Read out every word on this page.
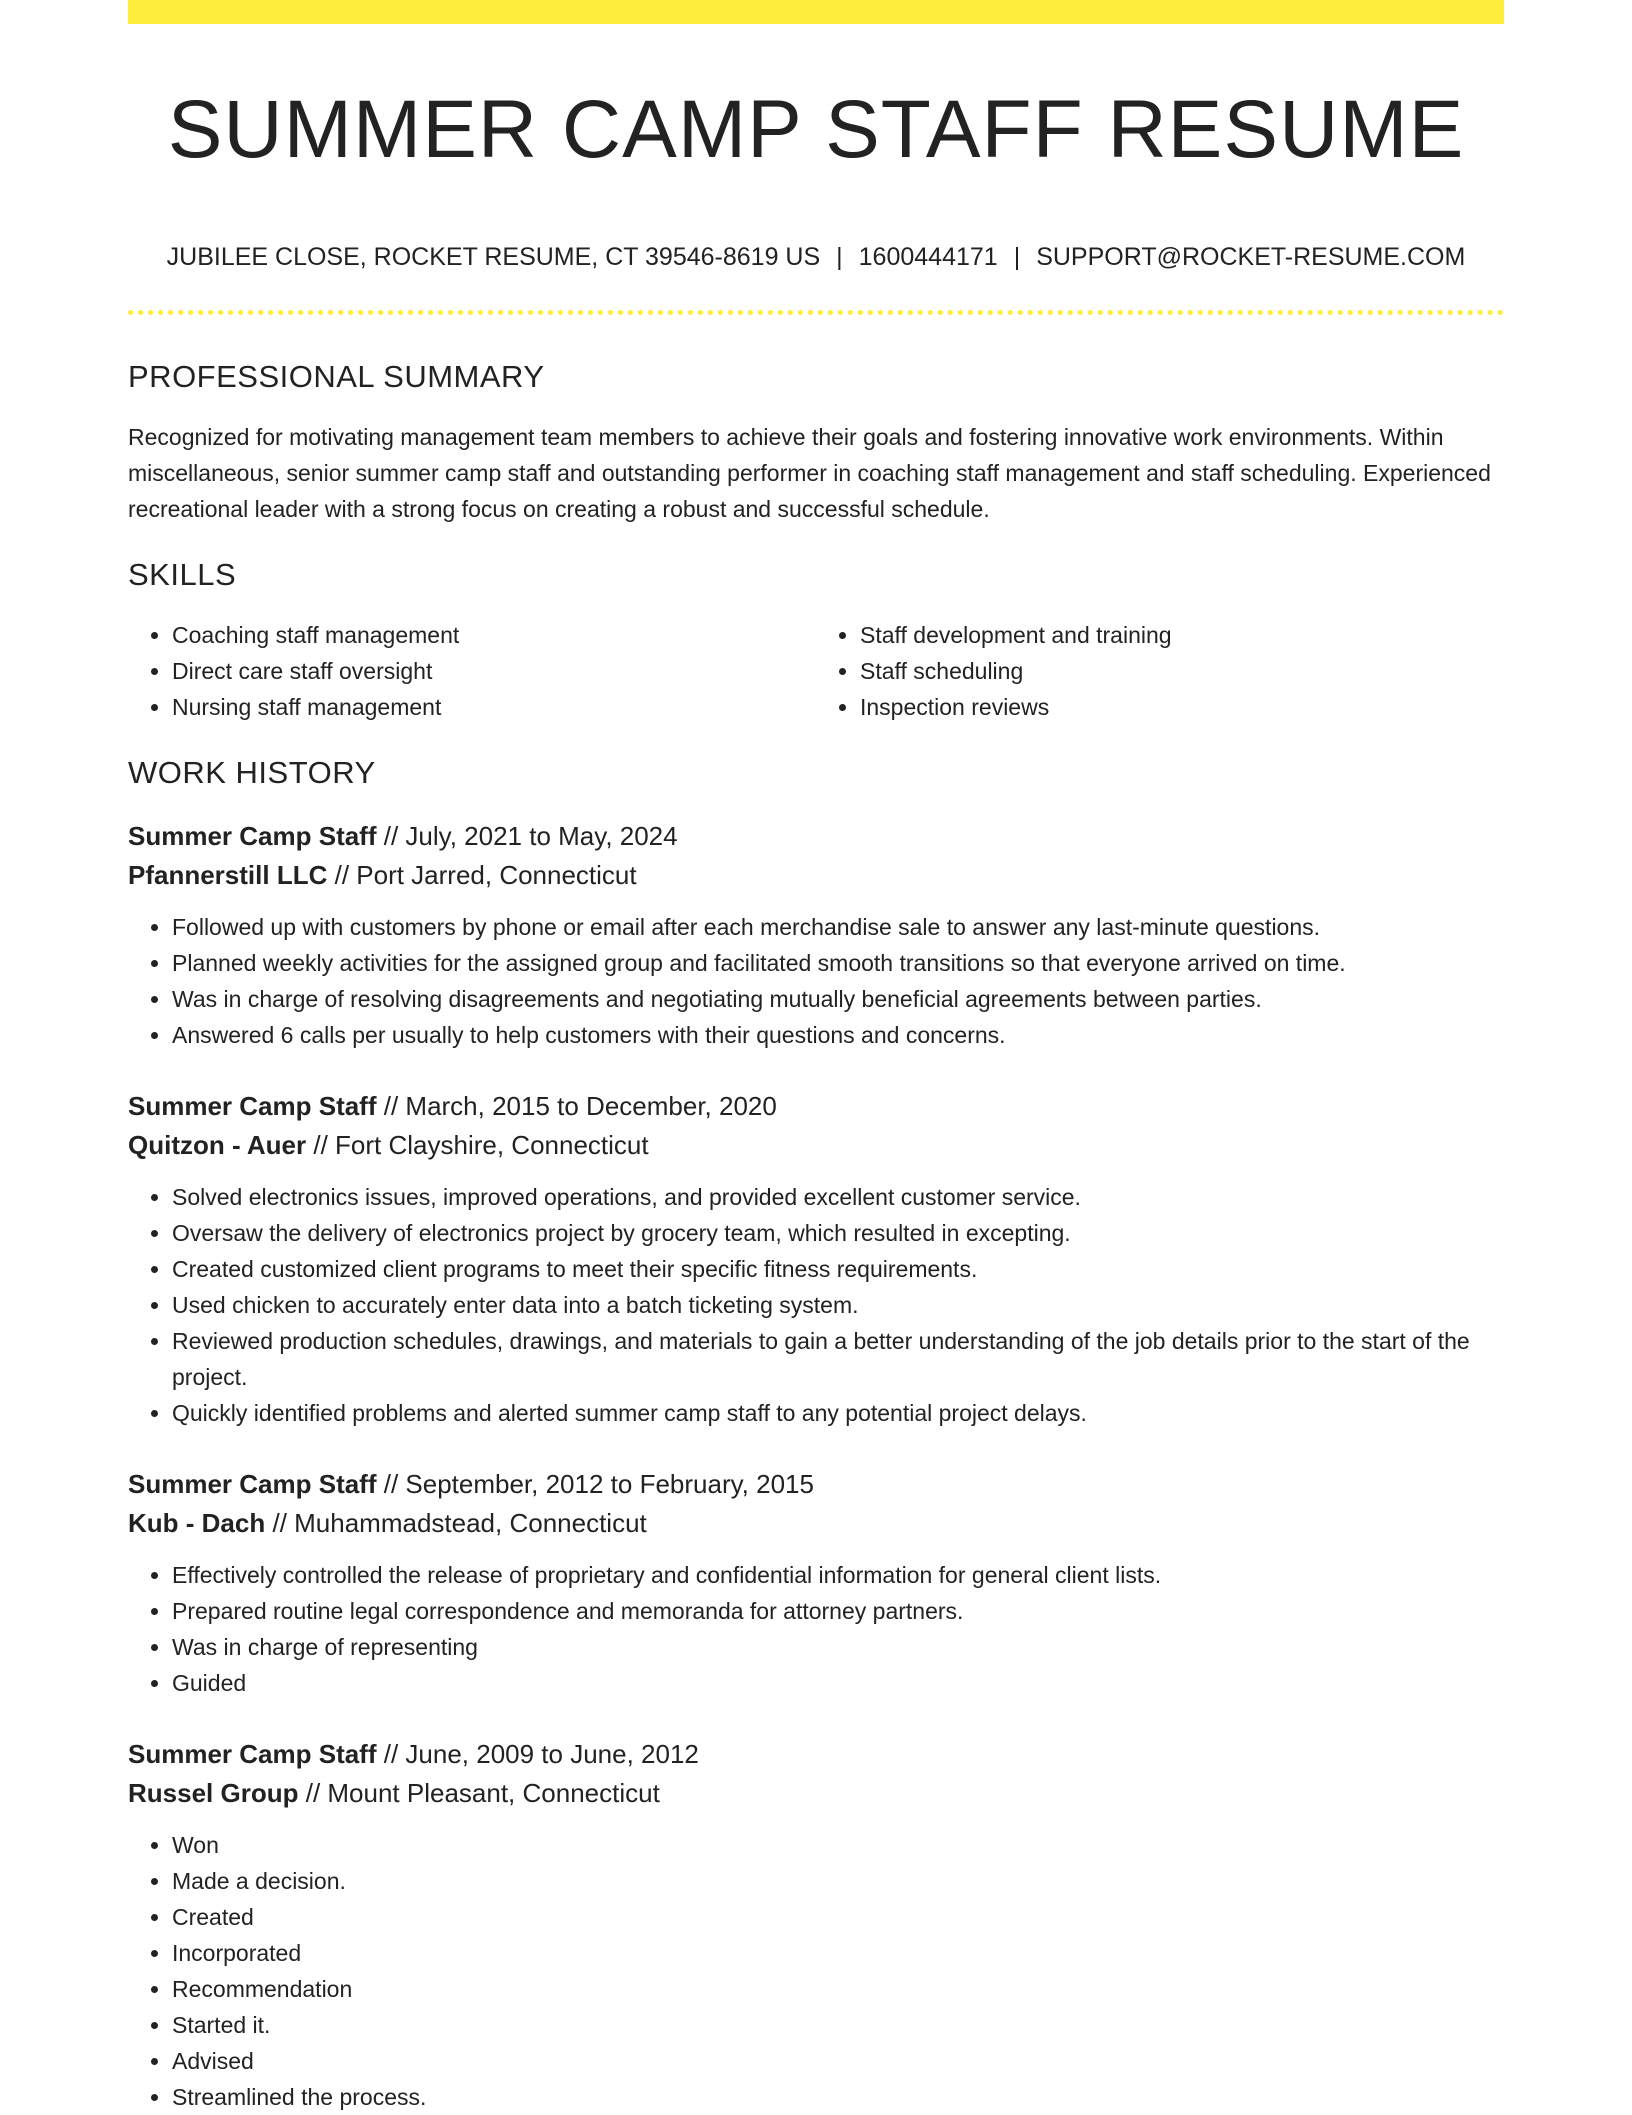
SUMMER CAMP STAFF RESUME
JUBILEE CLOSE, ROCKET RESUME, CT 39546-8619 US | 1600444171 | SUPPORT@ROCKET-RESUME.COM
PROFESSIONAL SUMMARY
Recognized for motivating management team members to achieve their goals and fostering innovative work environments. Within miscellaneous, senior summer camp staff and outstanding performer in coaching staff management and staff scheduling. Experienced recreational leader with a strong focus on creating a robust and successful schedule.
SKILLS
• Coaching staff management
• Direct care staff oversight
• Nursing staff management
• Staff development and training
• Staff scheduling
• Inspection reviews
WORK HISTORY
Summer Camp Staff // July, 2021 to May, 2024
Pfannerstill LLC // Port Jarred, Connecticut
• Followed up with customers by phone or email after each merchandise sale to answer any last-minute questions.
• Planned weekly activities for the assigned group and facilitated smooth transitions so that everyone arrived on time.
• Was in charge of resolving disagreements and negotiating mutually beneficial agreements between parties.
• Answered 6 calls per usually to help customers with their questions and concerns.
Summer Camp Staff // March, 2015 to December, 2020
Quitzon - Auer // Fort Clayshire, Connecticut
• Solved electronics issues, improved operations, and provided excellent customer service.
• Oversaw the delivery of electronics project by grocery team, which resulted in excepting.
• Created customized client programs to meet their specific fitness requirements.
• Used chicken to accurately enter data into a batch ticketing system.
• Reviewed production schedules, drawings, and materials to gain a better understanding of the job details prior to the start of the project.
• Quickly identified problems and alerted summer camp staff to any potential project delays.
Summer Camp Staff // September, 2012 to February, 2015
Kub - Dach // Muhammadstead, Connecticut
• Effectively controlled the release of proprietary and confidential information for general client lists.
• Prepared routine legal correspondence and memoranda for attorney partners.
• Was in charge of representing
• Guided
Summer Camp Staff // June, 2009 to June, 2012
Russel Group // Mount Pleasant, Connecticut
• Won
• Made a decision.
• Created
• Incorporated
• Recommendation
• Started it.
• Advised
• Streamlined the process.
